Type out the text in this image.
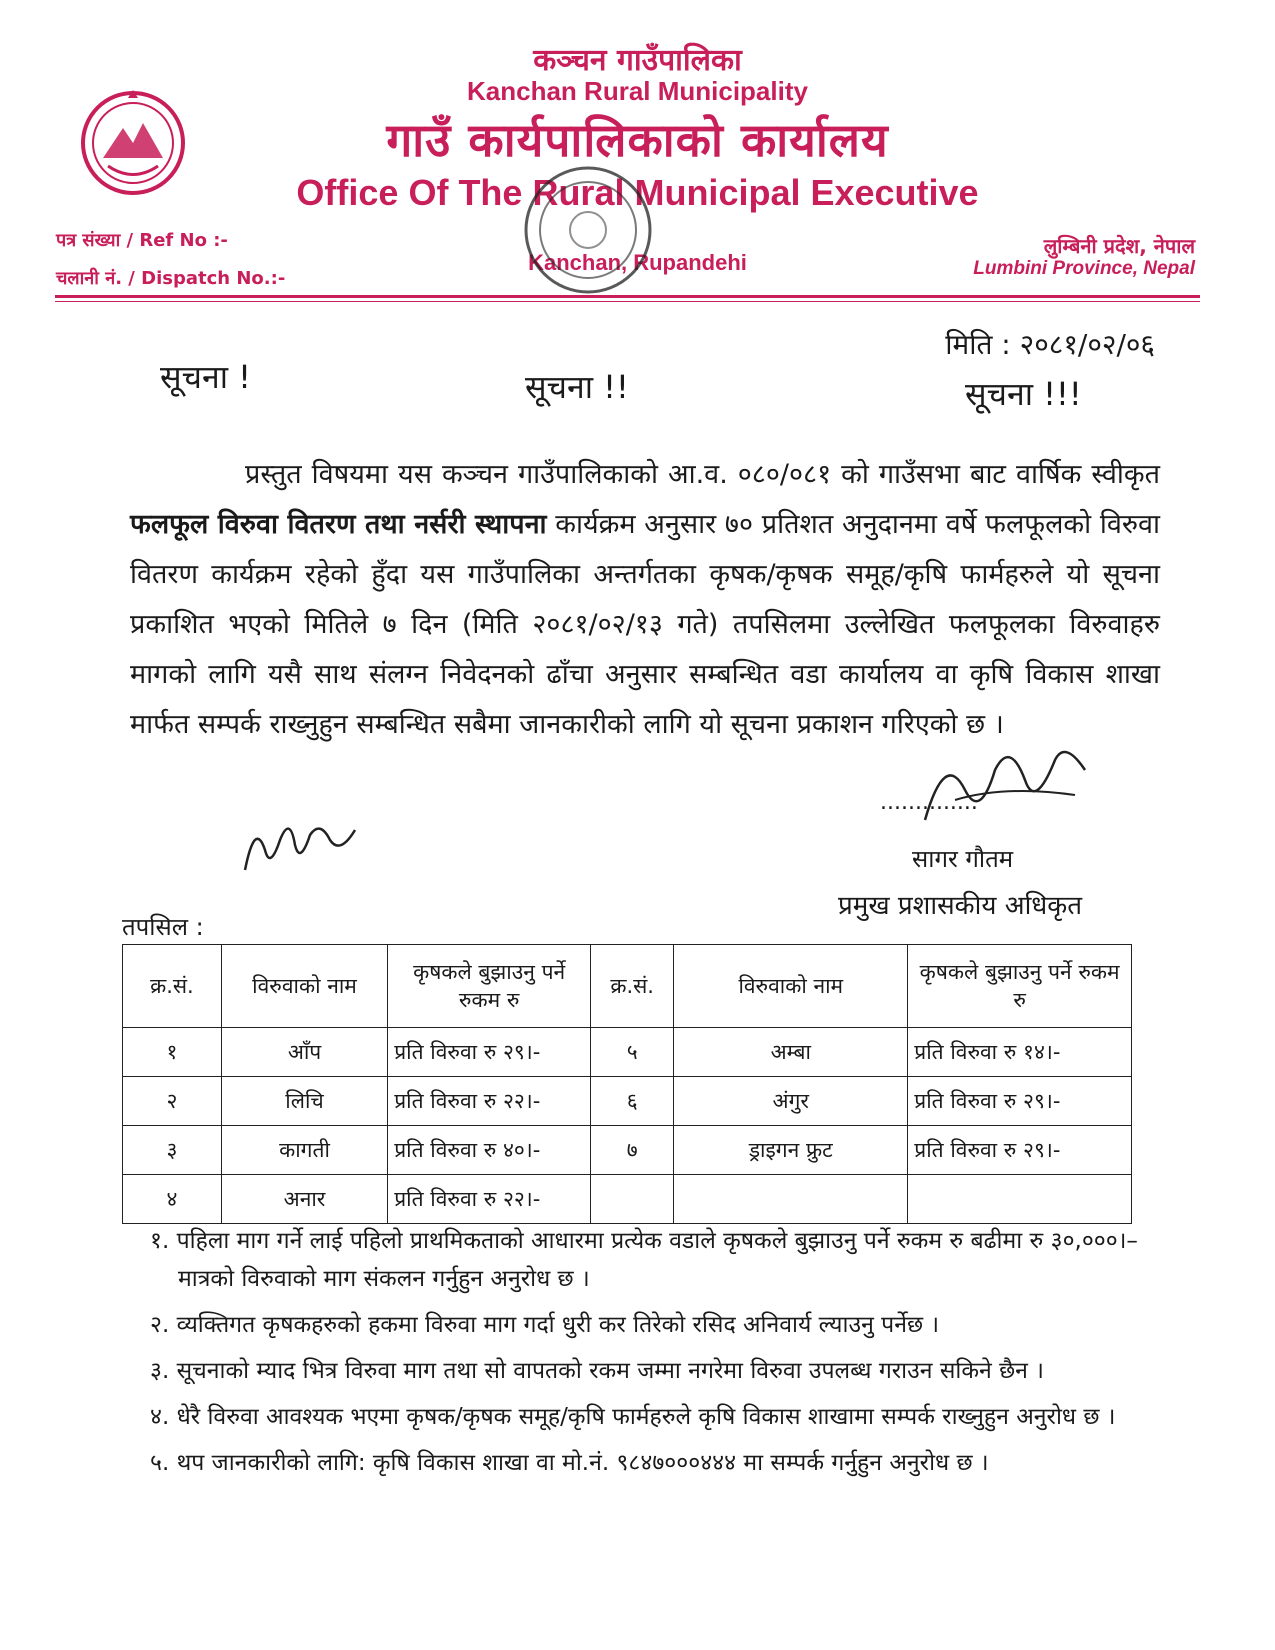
कञ्चन गाउँपालिका
Kanchan Rural Municipality
गाउँ कार्यपालिकाको कार्यालय
Office Of The Rural Municipal Executive
Kanchan, Rupandehi
पत्र संख्या / Ref No :-
चलानी नं. / Dispatch No.:-
लुम्बिनी प्रदेश, नेपाल
Lumbini Province, Nepal
मिति : २०८१/०२/०६
सूचना !	सूचना !!	सूचना !!!
प्रस्तुत विषयमा यस कञ्चन गाउँपालिकाको आ.व. ०८०/०८१ को गाउँसभा बाट वार्षिक स्वीकृत फलफूल विरुवा वितरण तथा नर्सरी स्थापना कार्यक्रम अनुसार ७० प्रतिशत अनुदानमा वर्षे फलफूलको विरुवा वितरण कार्यक्रम रहेको हुँदा यस गाउँपालिका अन्तर्गतका कृषक/कृषक समूह/कृषि फार्महरुले यो सूचना प्रकाशित भएको मितिले ७ दिन (मिति २०८१/०२/१३ गते) तपसिलमा उल्लेखित फलफूलका विरुवाहरु मागको लागि यसै साथ संलग्न निवेदनको ढाँचा अनुसार सम्बन्धित वडा कार्यालय वा कृषि विकास शाखा मार्फत सम्पर्क राख्नुहुन सम्बन्धित सबैमा जानकारीको लागि यो सूचना प्रकाशन गरिएको छ ।
..............
सागर गौतम
प्रमुख प्रशासकीय अधिकृत
तपसिल :
क्र.सं.	विरुवाको नाम	कृषकले बुझाउनु पर्ने रुकम रु	क्र.सं.	विरुवाको नाम	कृषकले बुझाउनु पर्ने रुकम रु
१	आँप	प्रति विरुवा रु २९।-	५	अम्बा	प्रति विरुवा रु १४।-
२	लिचि	प्रति विरुवा रु २२।-	६	अंगुर	प्रति विरुवा रु २९।-
३	कागती	प्रति विरुवा रु ४०।-	७	ड्राइगन फ्रुट	प्रति विरुवा रु २९।-
४	अनार	प्रति विरुवा रु २२।-			
१. पहिला माग गर्ने लाई पहिलो प्राथमिकताको आधारमा प्रत्येक वडाले कृषकले बुझाउनु पर्ने रुकम रु बढीमा रु ३०,०००।– मात्रको विरुवाको माग संकलन गर्नुहुन अनुरोध छ ।
२. व्यक्तिगत कृषकहरुको हकमा विरुवा माग गर्दा धुरी कर तिरेको रसिद अनिवार्य ल्याउनु पर्नेछ ।
३. सूचनाको म्याद भित्र विरुवा माग तथा सो वापतको रकम जम्मा नगरेमा विरुवा उपलब्ध गराउन सकिने छैन ।
४. धेरै विरुवा आवश्यक भएमा कृषक/कृषक समूह/कृषि फार्महरुले कृषि विकास शाखामा सम्पर्क राख्नुहुन अनुरोध छ ।
५. थप जानकारीको लागि: कृषि विकास शाखा वा मो.नं. ९८४७०००४४४ मा सम्पर्क गर्नुहुन अनुरोध छ ।
